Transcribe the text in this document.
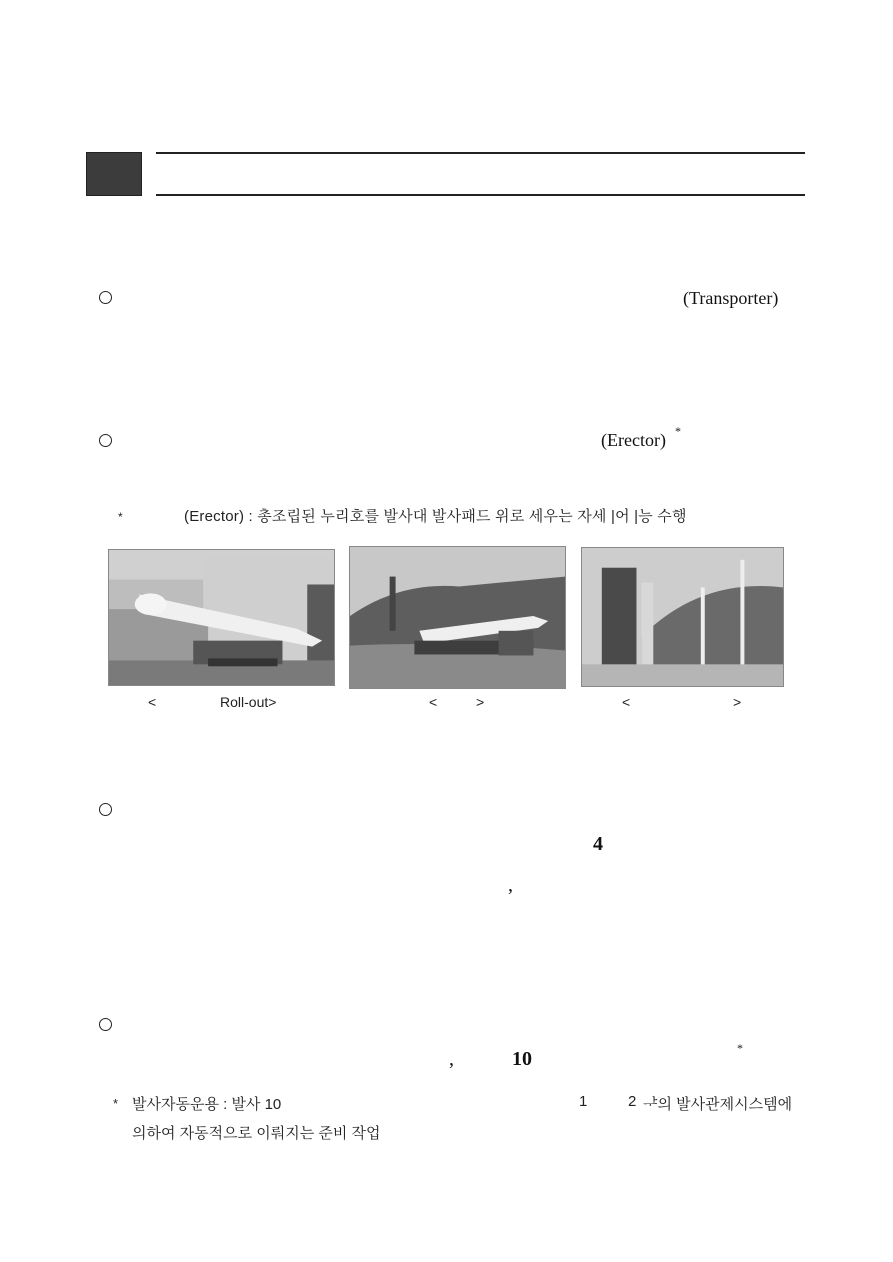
(Transporter)
(Erector) *
*	(Erector) : 총조립된 누리호를 발사대 발사패드 위로 세우는 자세 |어 |능 수행
<	Roll-out>	<	>	<	>
4
,
,	10	*
* 발사자동운용 : 발사 10	1	2 ᅷ의 발사관제시스템에
의하여 자동적으로 이뤄지는 준비 작업
